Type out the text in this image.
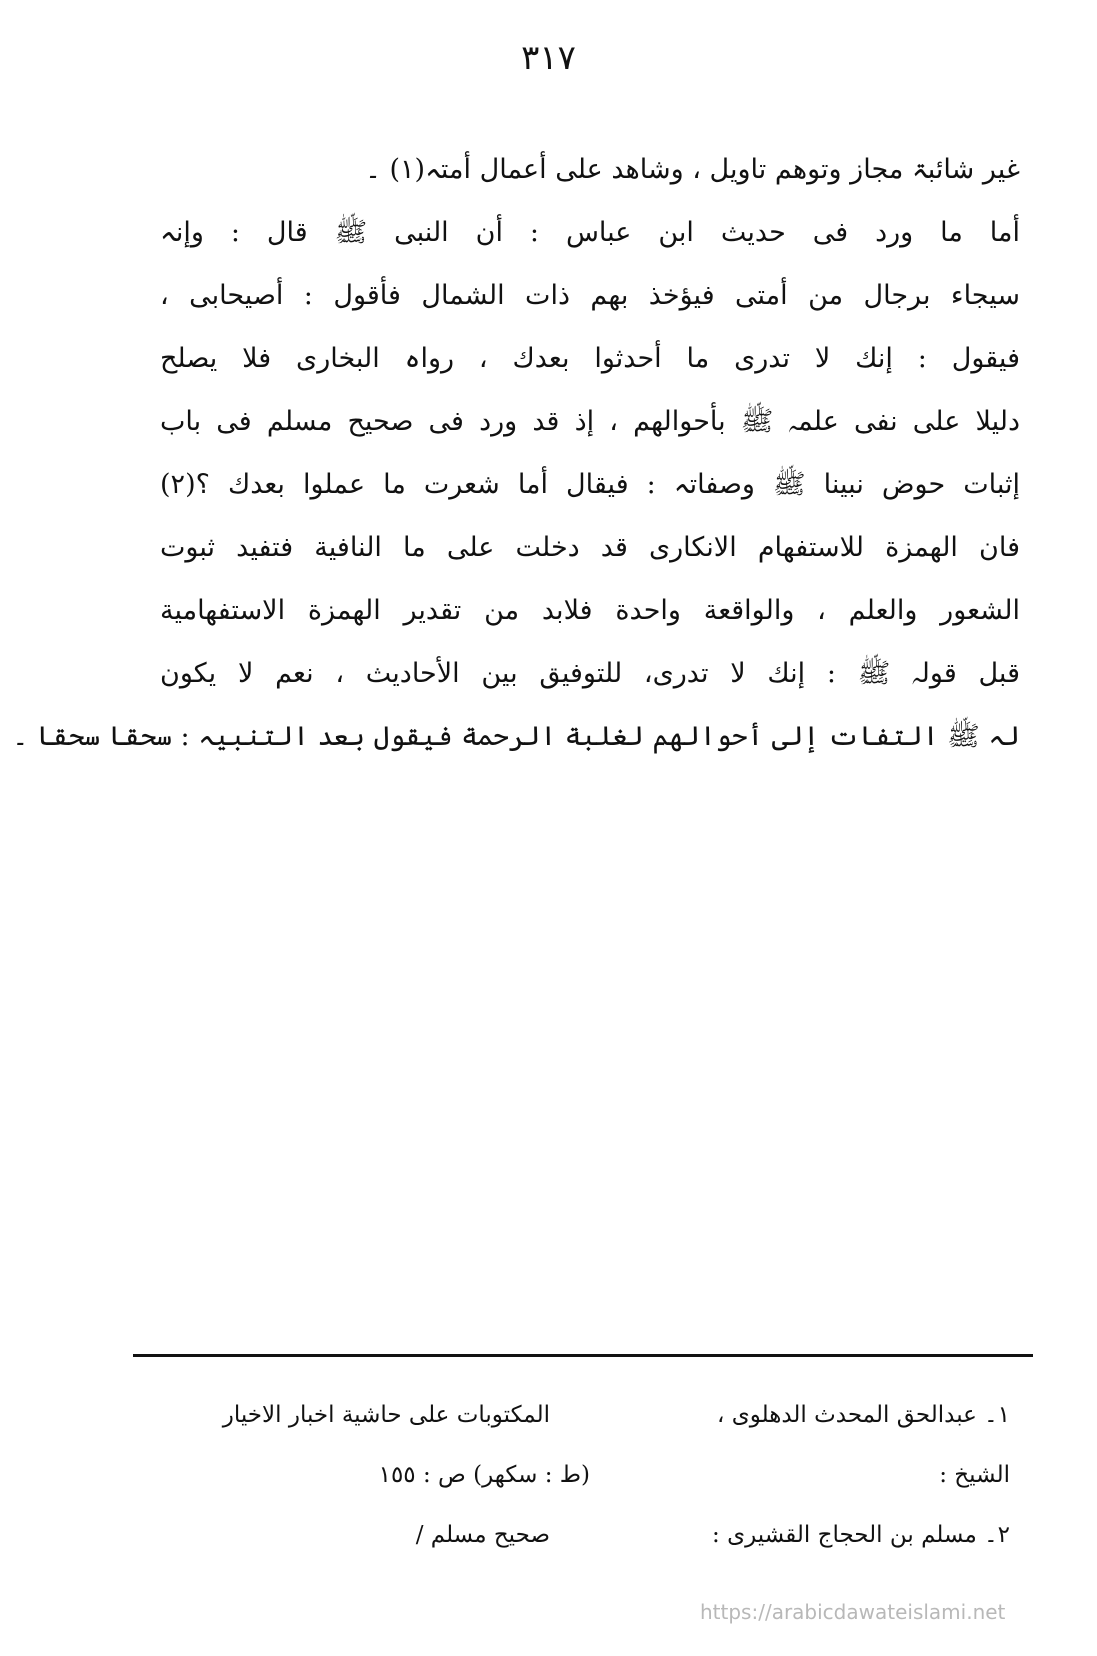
٣١٧
غیر شائبۃ مجاز وتوھم تاویل ، وشاھد علی أعمال أمتہ(١) ۔
أما ما ورد فی حدیث ابن عباس : أن النبی ﷺ قال : وإنہ
سیجاء برجال من أمتی فیؤخذ بھم ذات الشمال فأقول : أصیحابی ،
فیقول : إنك لا تدری ما أحدثوا بعدك ، رواہ البخاری فلا یصلح
دلیلا علی نفی علمہ ﷺ بأحوالھم ، إذ قد ورد فی صحیح مسلم فی باب
إثبات حوض نبینا ﷺ وصفاتہ : فیقال أما شعرت ما عملوا بعدك ؟(٢)
فان الھمزة للاستفھام الانکاری قد دخلت علی ما النافیة فتفید ثبوت
الشعور والعلم ، والواقعة واحدة فلابد من تقدیر الھمزة الاستفھامیة
قبل قولہ ﷺ : إنك لا تدری، للتوفیق بین الأحادیث ، نعم لا یکون
لہ ﷺ التفات إلی أحوالھم لغلبة الرحمة فیقول بعد التنبیہ : سحقا سحقا ۔
١۔ عبدالحق المحدث الدھلوی ،
المکتوبات علی حاشیة اخبار الاخیار
الشیخ :
(ط : سکھر) ص : ١٥٥
٢۔ مسلم بن الحجاج القشیری :
صحیح مسلم /
https://arabicdawateislami.net
